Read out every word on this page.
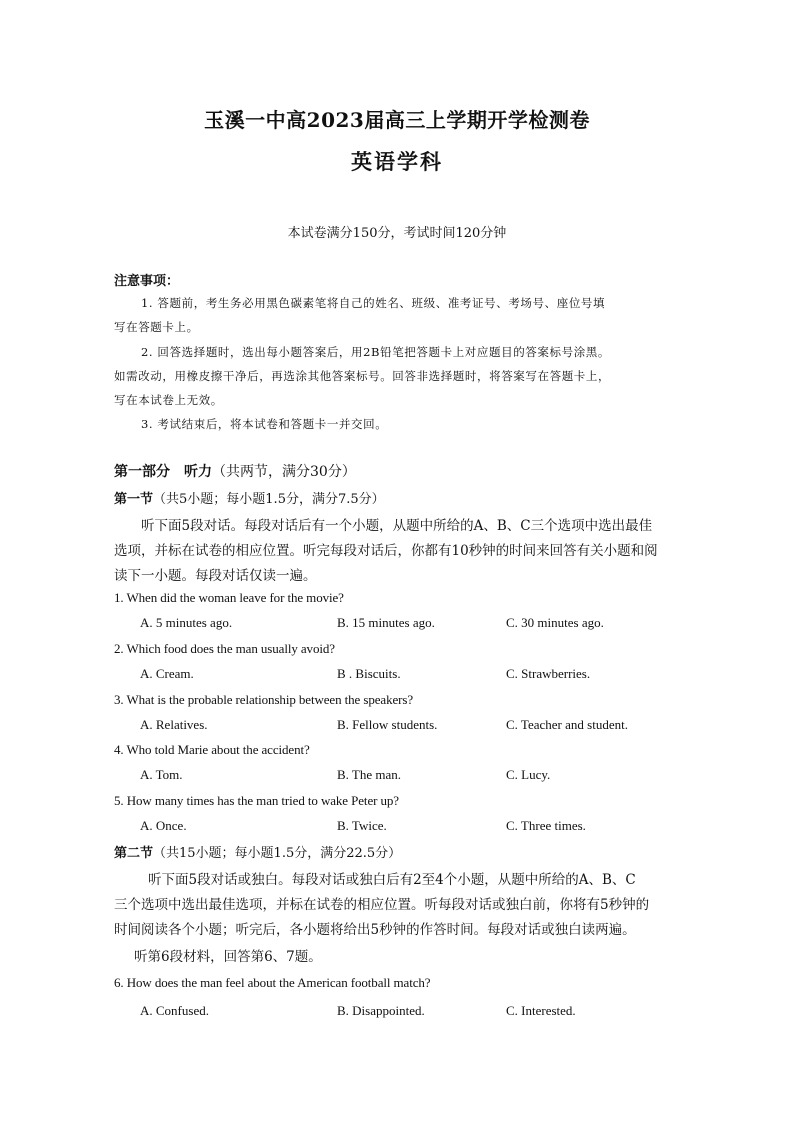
玉溪一中高2023届高三上学期开学检测卷
英语学科
本试卷满分150分，考试时间120分钟
注意事项：
1. 答题前，考生务必用黑色碳素笔将自己的姓名、班级、准考证号、考场号、座位号填
写在答题卡上。
2. 回答选择题时，选出每小题答案后，用2B铅笔把答题卡上对应题目的答案标号涂黑。
如需改动，用橡皮擦干净后，再选涂其他答案标号。回答非选择题时，将答案写在答题卡上，
写在本试卷上无效。
3. 考试结束后，将本试卷和答题卡一并交回。
第一部分　听力（共两节，满分30分）
第一节（共5小题；每小题1.5分，满分7.5分）
听下面5段对话。每段对话后有一个小题，从题中所给的A、B、C三个选项中选出最佳
选项，并标在试卷的相应位置。听完每段对话后，你都有10秒钟的时间来回答有关小题和阅
读下一小题。每段对话仅读一遍。
1. When did the woman leave for the movie?
A. 5 minutes ago.	B. 15 minutes ago.	C. 30 minutes ago.
2. Which food does the man usually avoid?
A. Cream.	B . Biscuits.	C. Strawberries.
3. What is the probable relationship between the speakers?
A. Relatives.	B. Fellow students.	C. Teacher and student.
4. Who told Marie about the accident?
A. Tom.	B. The man.	C. Lucy.
5. How many times has the man tried to wake Peter up?
A. Once.	B. Twice.	C. Three times.
第二节（共15小题；每小题1.5分，满分22.5分）
听下面5段对话或独白。每段对话或独白后有2至4个小题，从题中所给的A、B、C
三个选项中选出最佳选项，并标在试卷的相应位置。听每段对话或独白前，你将有5秒钟的
时间阅读各个小题；听完后，各小题将给出5秒钟的作答时间。每段对话或独白读两遍。
听第6段材料，回答第6、7题。
6. How does the man feel about the American football match?
A. Confused.	B. Disappointed.	C. Interested.
